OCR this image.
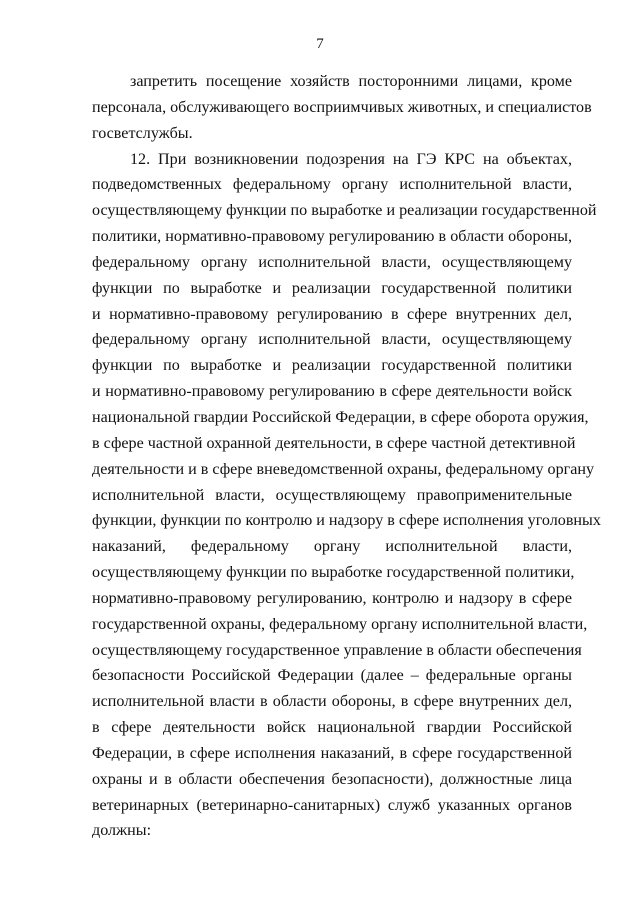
7
запретить посещение хозяйств посторонними лицами, кроме
персонала, обслуживающего восприимчивых животных, и специалистов
госветслужбы.
12. При возникновении подозрения на ГЭ КРС на объектах,
подведомственных федеральному органу исполнительной власти,
осуществляющему функции по выработке и реализации государственной
политики, нормативно-правовому регулированию в области обороны,
федеральному органу исполнительной власти, осуществляющему
функции по выработке и реализации государственной политики
и нормативно-правовому регулированию в сфере внутренних дел,
федеральному органу исполнительной власти, осуществляющему
функции по выработке и реализации государственной политики
и нормативно-правовому регулированию в сфере деятельности войск
национальной гвардии Российской Федерации, в сфере оборота оружия,
в сфере частной охранной деятельности, в сфере частной детективной
деятельности и в сфере вневедомственной охраны, федеральному органу
исполнительной власти, осуществляющему правоприменительные
функции, функции по контролю и надзору в сфере исполнения уголовных
наказаний, федеральному органу исполнительной власти,
осуществляющему функции по выработке государственной политики,
нормативно-правовому регулированию, контролю и надзору в сфере
государственной охраны, федеральному органу исполнительной власти,
осуществляющему государственное управление в области обеспечения
безопасности Российской Федерации (далее – федеральные органы
исполнительной власти в области обороны, в сфере внутренних дел,
в сфере деятельности войск национальной гвардии Российской
Федерации, в сфере исполнения наказаний, в сфере государственной
охраны и в области обеспечения безопасности), должностные лица
ветеринарных (ветеринарно-санитарных) служб указанных органов
должны:
